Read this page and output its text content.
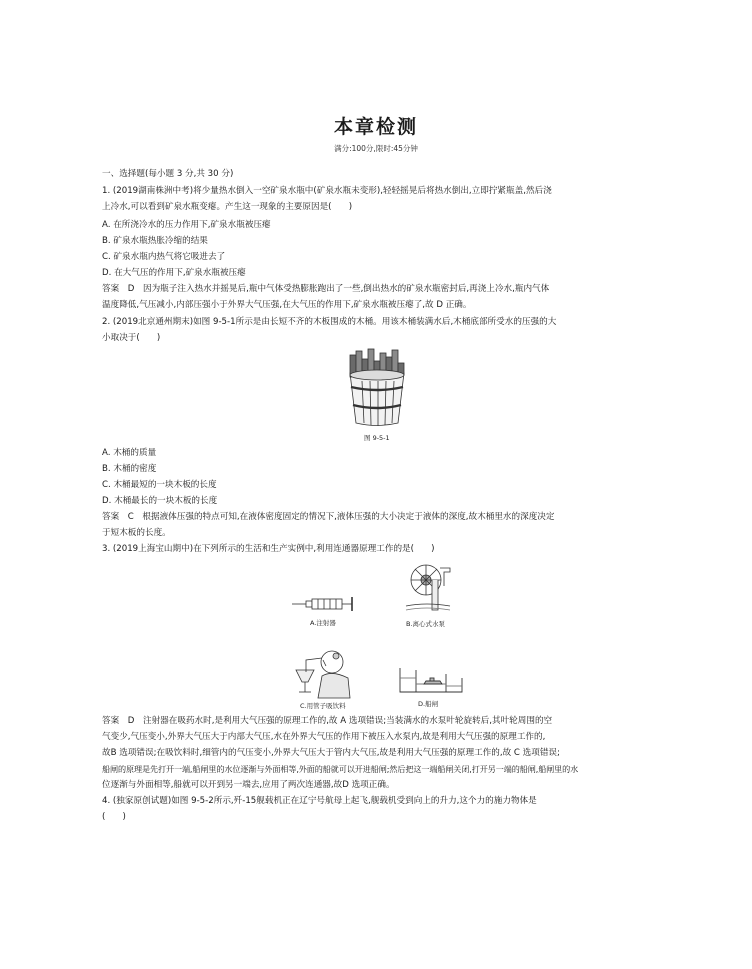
本章检测
满分:100分,限时:45分钟
一、选择题(每小题 3 分,共 30 分)
1. (2019湖南株洲中考)将少量热水倒入一空矿泉水瓶中(矿泉水瓶未变形),轻轻摇晃后将热水倒出,立即拧紧瓶盖,然后浇
上冷水,可以看到矿泉水瓶变瘪。产生这一现象的主要原因是(　　)
A. 在所浇冷水的压力作用下,矿泉水瓶被压瘪
B. 矿泉水瓶热胀冷缩的结果
C. 矿泉水瓶内热气将它吸进去了
D. 在大气压的作用下,矿泉水瓶被压瘪
答案　D　因为瓶子注入热水并摇晃后,瓶中气体受热膨胀跑出了一些,倒出热水的矿泉水瓶密封后,再浇上冷水,瓶内气体
温度降低,气压减小,内部压强小于外界大气压强,在大气压的作用下,矿泉水瓶被压瘪了,故 D 正确。
2. (2019北京通州期末)如图 9-5-1所示是由长短不齐的木板围成的木桶。用该木桶装满水后,木桶底部所受水的压强的大
小取决于(　　)
图 9-5-1
A. 木桶的质量
B. 木桶的密度
C. 木桶最短的一块木板的长度
D. 木桶最长的一块木板的长度
答案　C　根据液体压强的特点可知,在液体密度固定的情况下,液体压强的大小决定于液体的深度,故木桶里水的深度决定
于短木板的长度。
3. (2019上海宝山期中)在下列所示的生活和生产实例中,利用连通器原理工作的是(　　)
A.注射器	B.离心式水泵
C.用管子吸饮料	D.船闸
答案　D　注射器在吸药水时,是利用大气压强的原理工作的,故 A 选项错误;当装满水的水泵叶轮旋转后,其叶轮周围的空
气变少,气压变小,外界大气压大于内部大气压,水在外界大气压的作用下被压入水泵内,故是利用大气压强的原理工作的,
故B 选项错误;在吸饮料时,细管内的气压变小,外界大气压大于管内大气压,故是利用大气压强的原理工作的,故 C 选项错误;
船闸的原理是先打开一端,船闸里的水位逐渐与外面相等,外面的船就可以开进船闸;然后把这一端船闸关闭,打开另一端的船闸,船闸里的水
位逐渐与外面相等,船就可以开到另一端去,应用了两次连通器,故D 选项正确。
4. (独家原创试题)如图 9-5-2所示,歼-15舰载机正在辽宁号航母上起飞,舰载机受到向上的升力,这个力的施力物体是
(　　)
